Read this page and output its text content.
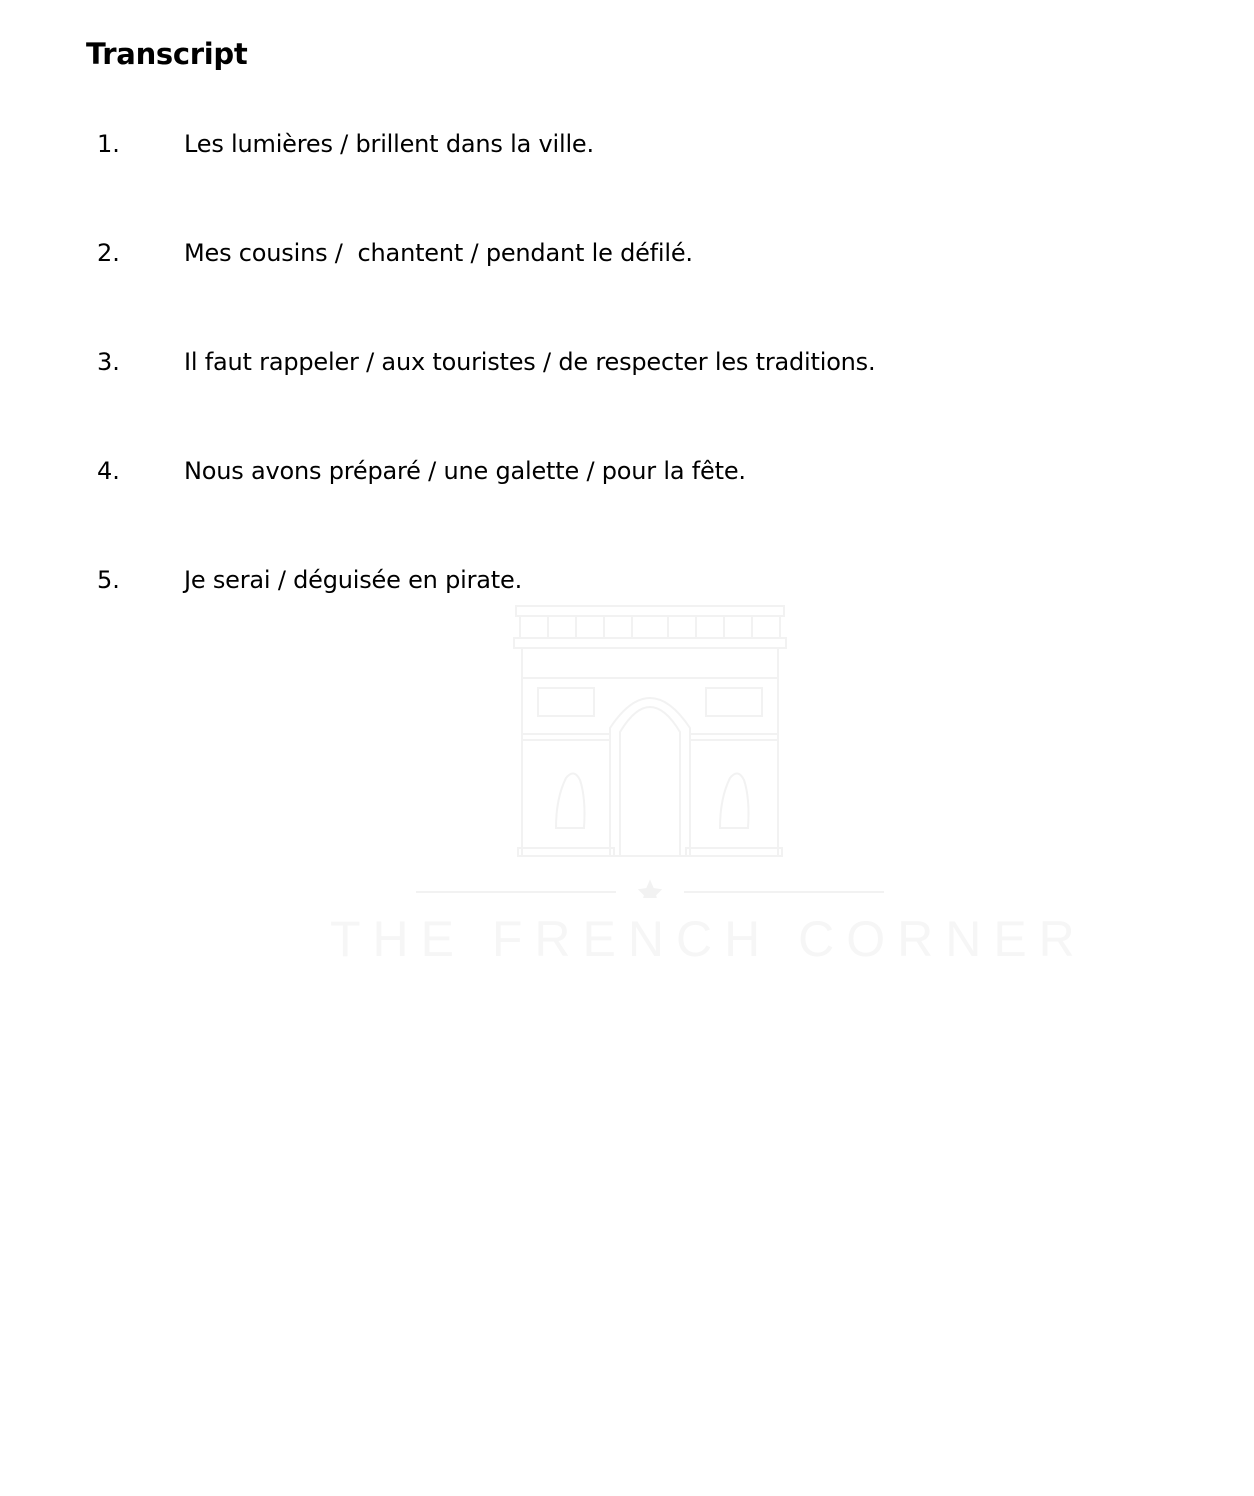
Transcript
1.	Les lumières / brillent dans la ville.
2.	Mes cousins /  chantent / pendant le défilé.
3.	Il faut rappeler / aux touristes / de respecter les traditions.
4.	Nous avons préparé / une galette / pour la fête.
5.	Je serai / déguisée en pirate.
THE FRENCH CORNER
